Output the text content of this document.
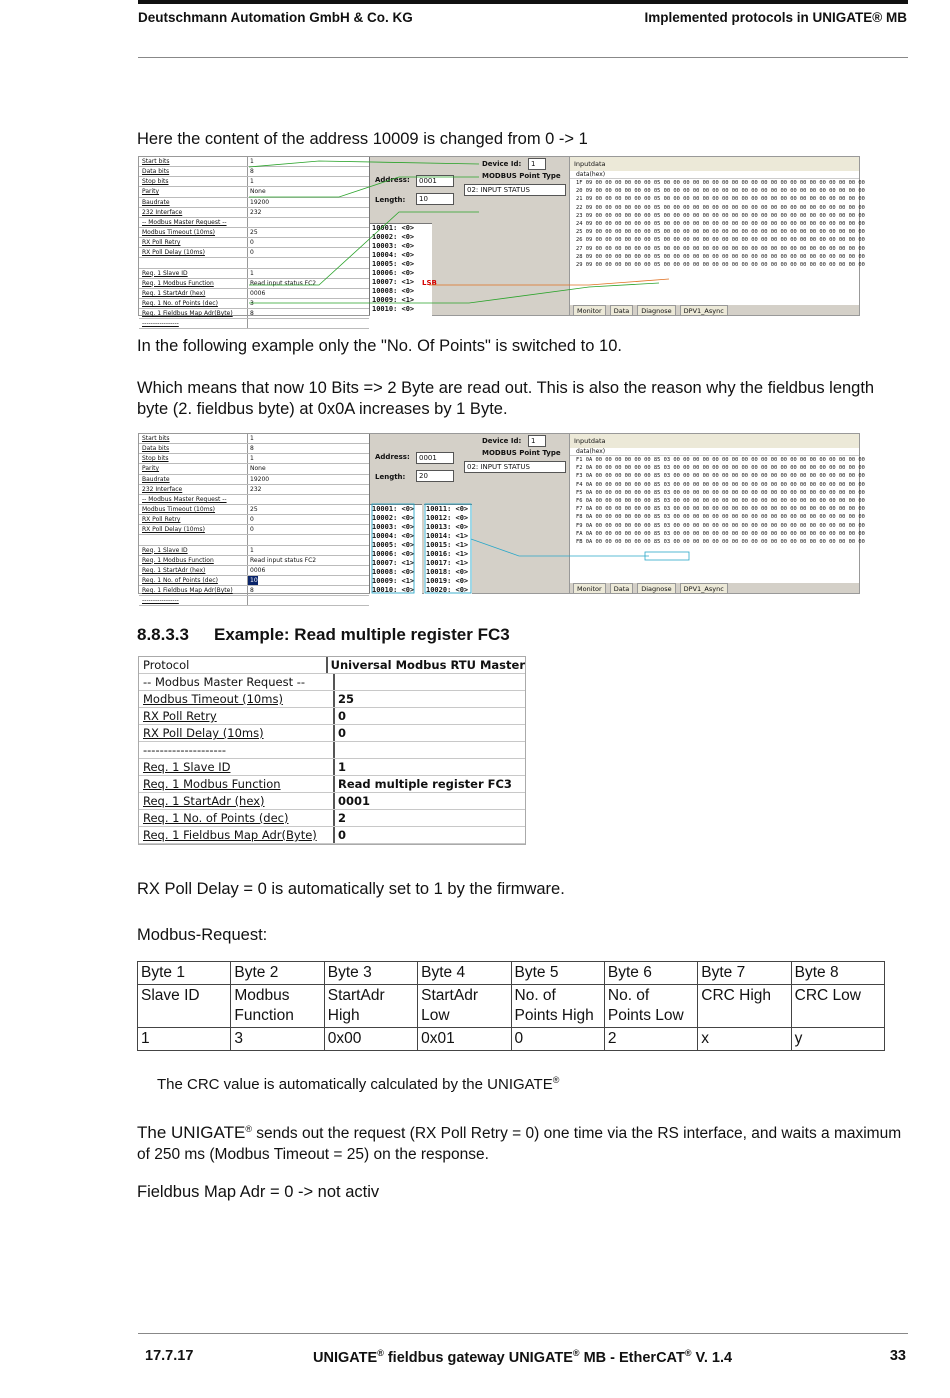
Deutschmann Automation GmbH & Co. KG	Implemented protocols in UNIGATE® MB
Here the content of the address 10009 is changed from 0 -> 1
Start bits	1
Data bits	8
Stop bits	1
Parity	None
Baudrate	19200
232 Interface	232
-- Modbus Master Request --
Modbus Timeout (10ms)	25
RX Poll Retry	0
RX Poll Delay (10ms)	0
Req. 1 Slave ID	1
Req. 1 Modbus Function	Read input status FC2
Req. 1 StartAdr (hex)	0006
Req. 1 No. of Points (dec)	3
Req. 1 Fieldbus Map Adr(Byte)	8
-----------------
Device Id:	1
MODBUS Point Type
02: INPUT STATUS
Address:	0001
Length:	10
10001: <0>
10002: <0>
10003: <0>
10004: <0>
10005: <0>
10006: <0>
10007: <1>
10008: <0>
10009: <1>
10010: <0>
LSB
Inputdata
data(hex)
1F 09 00 00 00 00 00 00 05 00 00 00 00 00 00 00 00 00 00 00 00 00 00 00 00 00 00 00 00 00
20 09 00 00 00 00 00 00 05 00 00 00 00 00 00 00 00 00 00 00 00 00 00 00 00 00 00 00 00 00
21 09 00 00 00 00 00 00 05 00 00 00 00 00 00 00 00 00 00 00 00 00 00 00 00 00 00 00 00 00
22 09 00 00 00 00 00 00 05 00 00 00 00 00 00 00 00 00 00 00 00 00 00 00 00 00 00 00 00 00
23 09 00 00 00 00 00 00 05 00 00 00 00 00 00 00 00 00 00 00 00 00 00 00 00 00 00 00 00 00
24 09 00 00 00 00 00 00 05 00 00 00 00 00 00 00 00 00 00 00 00 00 00 00 00 00 00 00 00 00
25 09 00 00 00 00 00 00 05 00 00 00 00 00 00 00 00 00 00 00 00 00 00 00 00 00 00 00 00 00
26 09 00 00 00 00 00 00 05 00 00 00 00 00 00 00 00 00 00 00 00 00 00 00 00 00 00 00 00 00
27 09 00 00 00 00 00 00 05 00 00 00 00 00 00 00 00 00 00 00 00 00 00 00 00 00 00 00 00 00
28 09 00 00 00 00 00 00 05 00 00 00 00 00 00 00 00 00 00 00 00 00 00 00 00 00 00 00 00 00
29 09 00 00 00 00 00 00 05 00 00 00 00 00 00 00 00 00 00 00 00 00 00 00 00 00 00 00 00 00
Monitor	Data	Diagnose	DPV1_Async
In the following example only the "No. Of Points" is switched to 10.
Which means that now 10 Bits => 2 Byte are read out. This is also the reason why the fieldbus length byte (2. fieldbus byte) at 0x0A increases by 1 Byte.
Start bits	1
Data bits	8
Stop bits	1
Parity	None
Baudrate	19200
232 Interface	232
-- Modbus Master Request --
Modbus Timeout (10ms)	25
RX Poll Retry	0
RX Poll Delay (10ms)	0
Req. 1 Slave ID	1
Req. 1 Modbus Function	Read input status FC2
Req. 1 StartAdr (hex)	0006
Req. 1 No. of Points (dec)	10
Req. 1 Fieldbus Map Adr(Byte)	8
-----------------
Device Id:	1
MODBUS Point Type
02: INPUT STATUS
Address:	0001
Length:	20
10001: <0>
10002: <0>
10003: <0>
10004: <0>
10005: <0>
10006: <0>
10007: <1>
10008: <0>
10009: <1>
10010: <0>
10011: <0>
10012: <0>
10013: <0>
10014: <1>
10015: <1>
10016: <1>
10017: <1>
10018: <0>
10019: <0>
10020: <0>
Inputdata
data(hex)
F1 0A 00 00 00 00 00 00 85 03 00 00 00 00 00 00 00 00 00 00 00 00 00 00 00 00 00 00 00 00
F2 0A 00 00 00 00 00 00 85 03 00 00 00 00 00 00 00 00 00 00 00 00 00 00 00 00 00 00 00 00
F3 0A 00 00 00 00 00 00 85 03 00 00 00 00 00 00 00 00 00 00 00 00 00 00 00 00 00 00 00 00
F4 0A 00 00 00 00 00 00 85 03 00 00 00 00 00 00 00 00 00 00 00 00 00 00 00 00 00 00 00 00
F5 0A 00 00 00 00 00 00 85 03 00 00 00 00 00 00 00 00 00 00 00 00 00 00 00 00 00 00 00 00
F6 0A 00 00 00 00 00 00 85 03 00 00 00 00 00 00 00 00 00 00 00 00 00 00 00 00 00 00 00 00
F7 0A 00 00 00 00 00 00 85 03 00 00 00 00 00 00 00 00 00 00 00 00 00 00 00 00 00 00 00 00
F8 0A 00 00 00 00 00 00 85 03 00 00 00 00 00 00 00 00 00 00 00 00 00 00 00 00 00 00 00 00
F9 0A 00 00 00 00 00 00 85 03 00 00 00 00 00 00 00 00 00 00 00 00 00 00 00 00 00 00 00 00
FA 0A 00 00 00 00 00 00 85 03 00 00 00 00 00 00 00 00 00 00 00 00 00 00 00 00 00 00 00 00
FB 0A 00 00 00 00 00 00 85 03 00 00 00 00 00 00 00 00 00 00 00 00 00 00 00 00 00 00 00 00
Monitor	Data	Diagnose	DPV1_Async
8.8.3.3 Example: Read multiple register FC3
Protocol	Universal Modbus RTU Master
-- Modbus Master Request --
Modbus Timeout (10ms)	25
RX Poll Retry	0
RX Poll Delay (10ms)	0
--------------------
Req. 1 Slave ID	1
Req. 1 Modbus Function	Read multiple register FC3
Req. 1 StartAdr (hex)	0001
Req. 1 No. of Points (dec)	2
Req. 1 Fieldbus Map Adr(Byte)	0
RX Poll Delay = 0 is automatically set to 1 by the firmware.
Modbus-Request:
Byte 1	Byte 2	Byte 3	Byte 4	Byte 5	Byte 6	Byte 7	Byte 8
Slave ID	Modbus Function	StartAdr High	StartAdr Low	No. of Points High	No. of Points Low	CRC High	CRC Low
1	3	0x00	0x01	0	2	x	y
The CRC value is automatically calculated by the UNIGATE®
The UNIGATE® sends out the request (RX Poll Retry = 0) one time via the RS interface, and waits a maximum of 250 ms (Modbus Timeout = 25) on the response.
Fieldbus Map Adr = 0 -> not activ
17.7.17	UNIGATE® fieldbus gateway UNIGATE® MB - EtherCAT® V. 1.4	33
